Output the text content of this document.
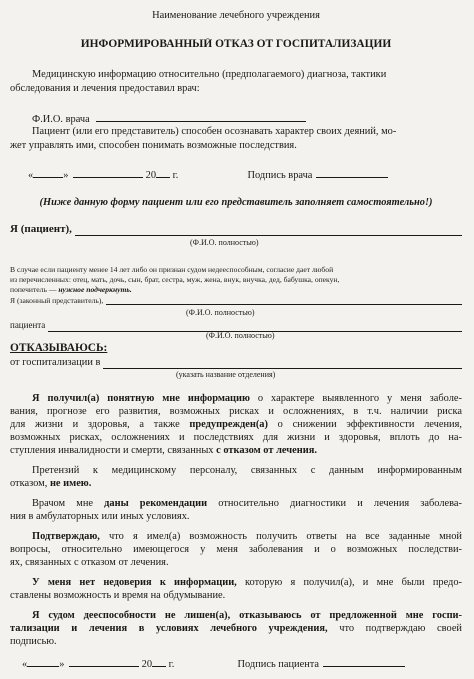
Наименование лечебного учреждения
ИНФОРМИРОВАННЫЙ ОТКАЗ ОТ ГОСПИТАЛИЗАЦИИ
Медицинскую информацию относительно (предполагаемого) диагноза, тактики
обследования и лечения предоставил врач:
Ф.И.О. врача
Пациент (или его представитель) способен осознавать характер своих деяний, мо-
жет управлять ими, способен понимать возможные последствия.
«	»	20 г.	Подпись врача
(Ниже данную форму пациент или его представитель заполняет самостоятельно!)
Я (пациент),
(Ф.И.О. полностью)
В случае если пациенту менее 14 лет либо он признан судом недееспособным, согласие дает любой
из перечисленных: отец, мать, дочь, сын, брат, сестра, муж, жена, внук, внучка, дед, бабушка, опекун,
попечитель — нужное подчеркнуть.
Я (законный представитель),
(Ф.И.О. полностью)
пациента
(Ф.И.О. полностью)
ОТКАЗЫВАЮСЬ:
от госпитализации в
(указать название отделения)
Я получил(а) понятную мне информацию о характере выявленного у меня заболе-
вания, прогнозе его развития, возможных рисках и осложнениях, в т.ч. наличии риска
для жизни и здоровья, а также предупрежден(а) о снижении эффективности лечения,
возможных рисках, осложнениях и последствиях для жизни и здоровья, вплоть до на-
ступления инвалидности и смерти, связанных с отказом от лечения.
Претензий к медицинскому персоналу, связанных с данным информированным
отказом, не имею.
Врачом мне даны рекомендации относительно диагностики и лечения заболева-
ния в амбулаторных или иных условиях.
Подтверждаю, что я имел(а) возможность получить ответы на все заданные мной
вопросы, относительно имеющегося у меня заболевания и о возможных последстви-
ях, связанных с отказом от лечения.
У меня нет недоверия к информации, которую я получил(а), и мне были предо-
ставлены возможность и время на обдумывание.
Я судом дееспособности не лишен(а), отказываюсь от предложенной мне госпи-
тализации и лечения в условиях лечебного учреждения, что подтверждаю своей
подписью.
«	»	20 г.	Подпись пациента
